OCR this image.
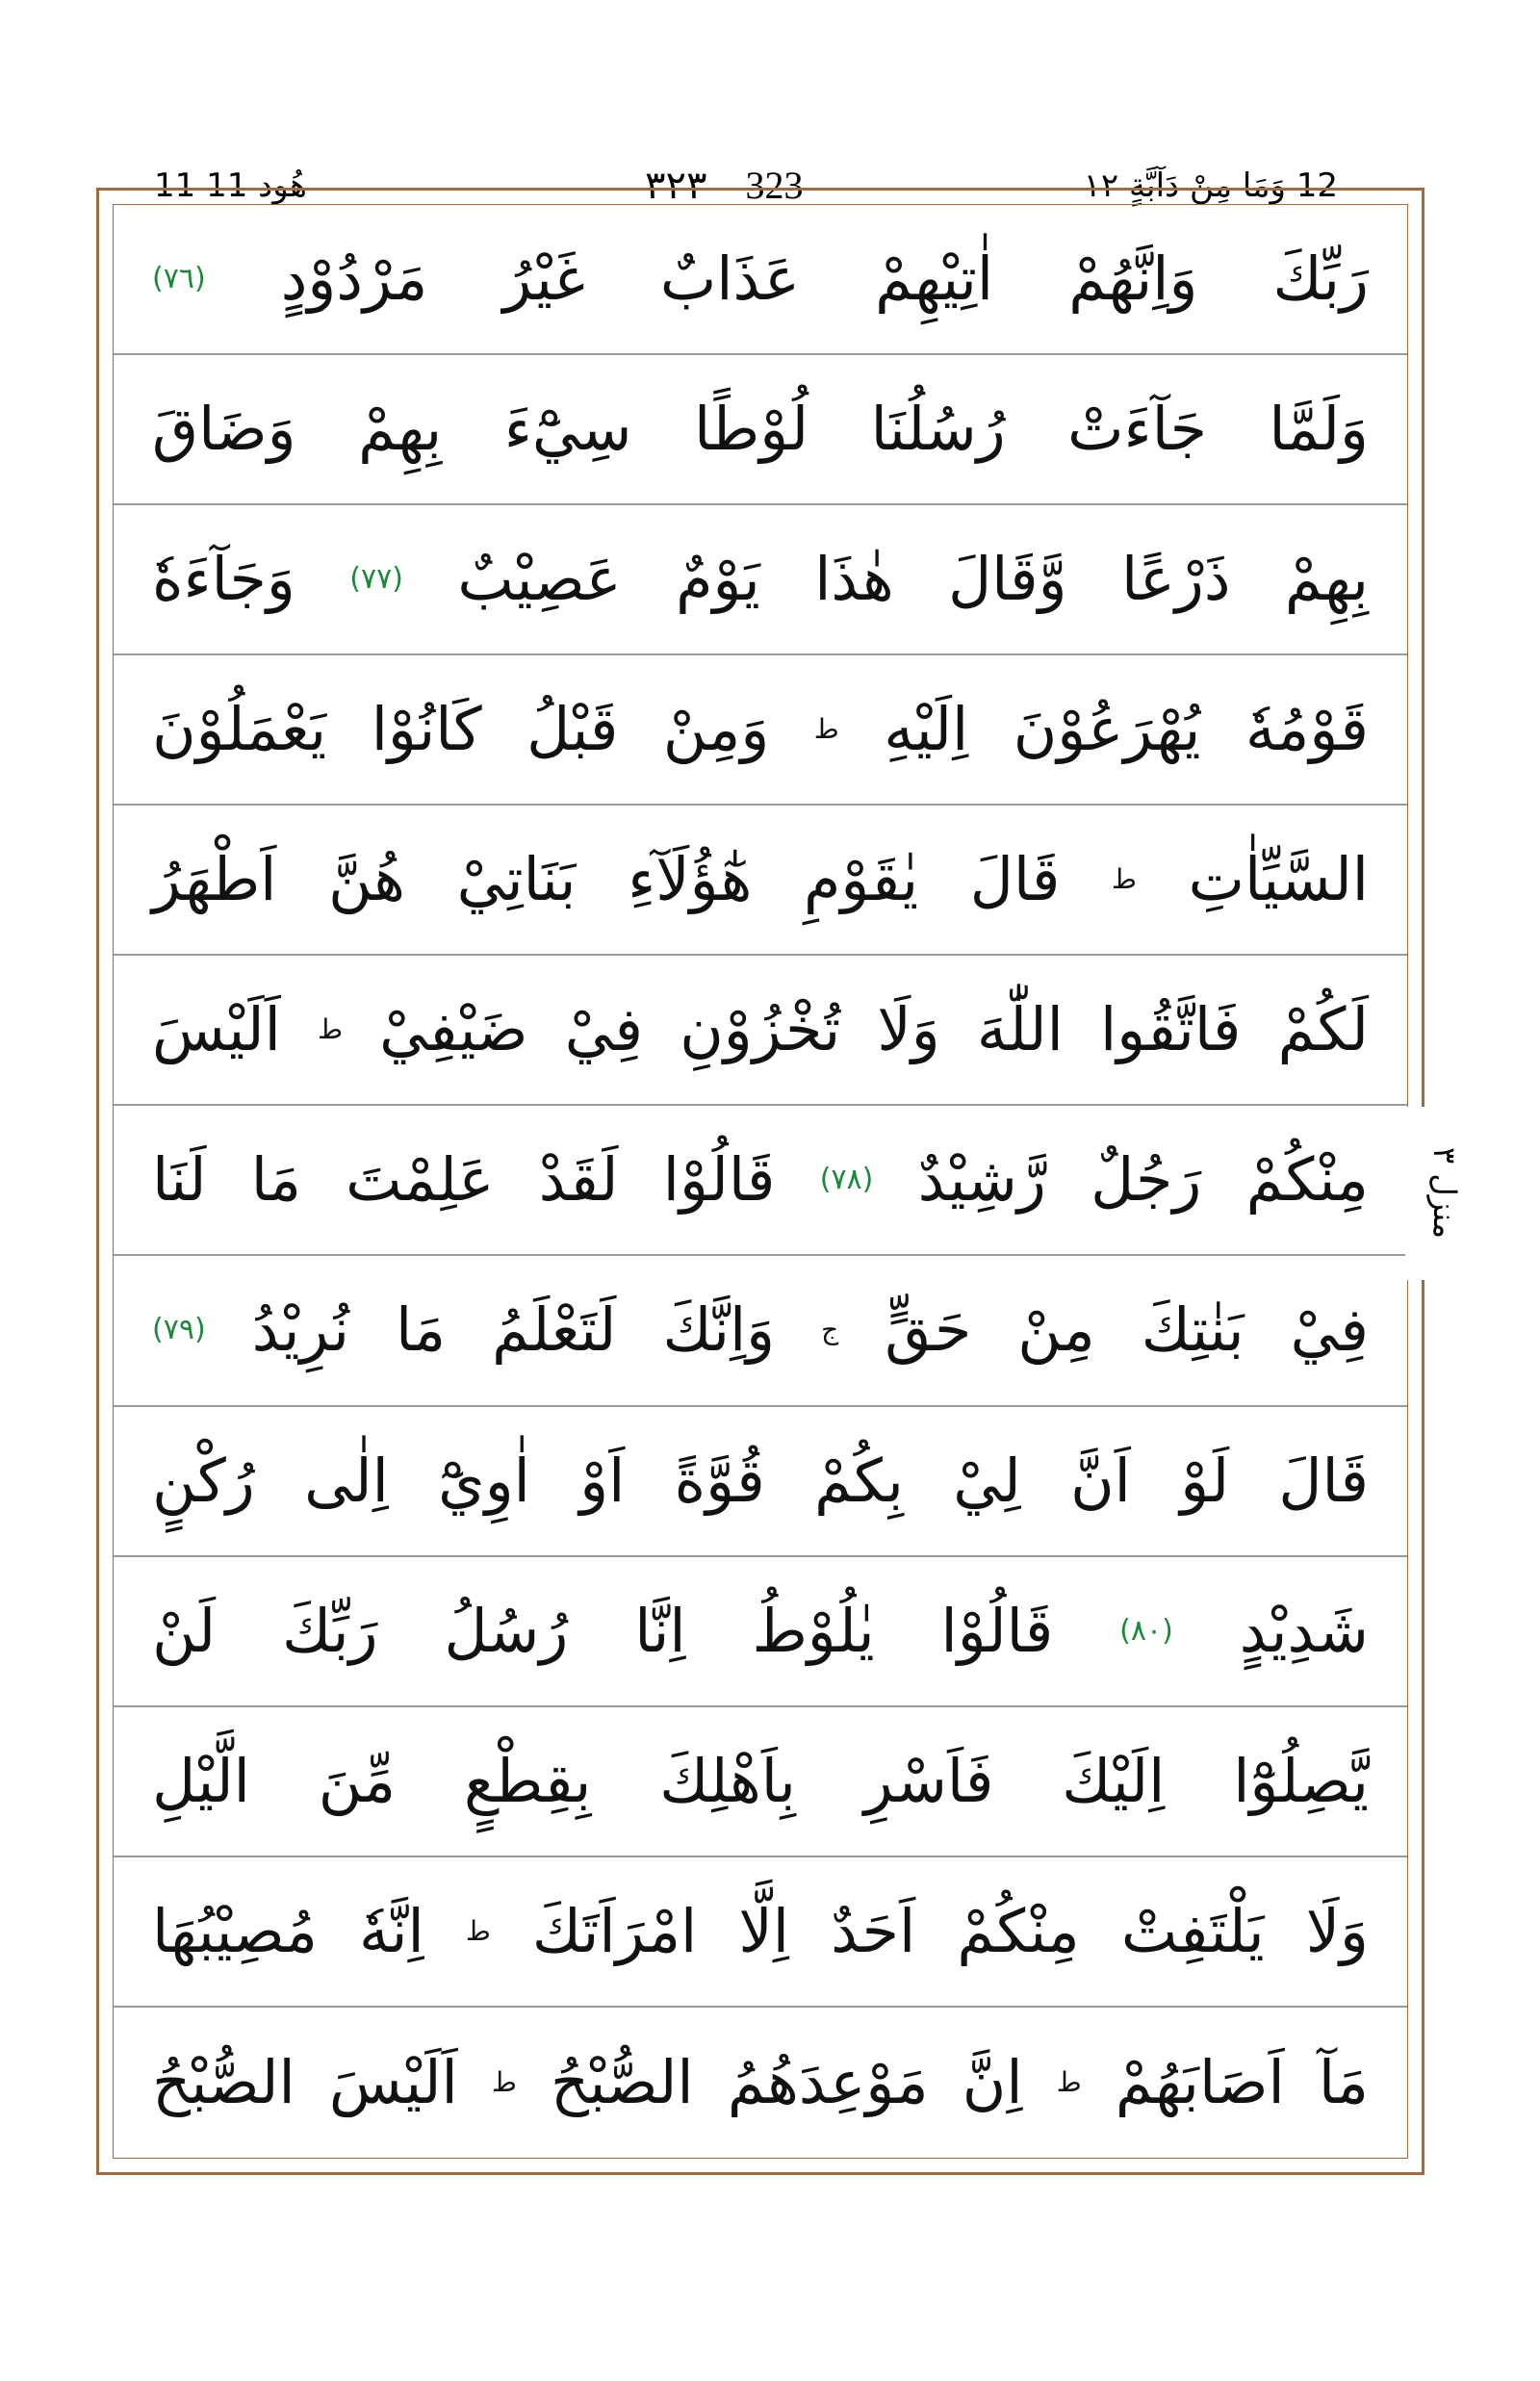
11 هُود 11	٣٢٣ 323	12 وَمَا مِنْ دَآبَّةٍ ١٢
رَبِّكَ
وَاِنَّهُمْ
اٰتِيْهِمْ
عَذَابٌ
غَيْرُ
مَرْدُوْدٍ
(٧٦)
وَلَمَّا
جَآءَتْ
رُسُلُنَا
لُوْطًا
سِيْٓءَ
بِهِمْ
وَضَاقَ
بِهِمْ
ذَرْعًا
وَّقَالَ
هٰذَا
يَوْمٌ
عَصِيْبٌ
(٧٧)
وَجَآءَهٗ
قَوْمُهٗ
يُهْرَعُوْنَ
اِلَيْهِ
ط
وَمِنْ
قَبْلُ
كَانُوْا
يَعْمَلُوْنَ
السَّيِّاٰتِ
ط
قَالَ
يٰقَوْمِ
هٰٓؤُلَآءِ
بَنَاتِيْ
هُنَّ
اَطْهَرُ
لَكُمْ
فَاتَّقُوا
اللّٰهَ
وَلَا
تُخْزُوْنِ
فِيْ
ضَيْفِيْ
ط
اَلَيْسَ
مِنْكُمْ
رَجُلٌ
رَّشِيْدٌ
(٧٨)
قَالُوْا
لَقَدْ
عَلِمْتَ
مَا
لَنَا
فِيْ
بَنٰتِكَ
مِنْ
حَقٍّ
ج
وَاِنَّكَ
لَتَعْلَمُ
مَا
نُرِيْدُ
(٧٩)
قَالَ
لَوْ
اَنَّ
لِيْ
بِكُمْ
قُوَّةً
اَوْ
اٰوِيْٓ
اِلٰى
رُكْنٍ
شَدِيْدٍ
(٨٠)
قَالُوْا
يٰلُوْطُ
اِنَّا
رُسُلُ
رَبِّكَ
لَنْ
يَّصِلُوْٓا
اِلَيْكَ
فَاَسْرِ
بِاَهْلِكَ
بِقِطْعٍ
مِّنَ
الَّيْلِ
وَلَا
يَلْتَفِتْ
مِنْكُمْ
اَحَدٌ
اِلَّا
امْرَاَتَكَ
ط
اِنَّهٗ
مُصِيْبُهَا
مَآ
اَصَابَهُمْ
ط
اِنَّ
مَوْعِدَهُمُ
الصُّبْحُ
ط
اَلَيْسَ
الصُّبْحُ
منزل ٣
